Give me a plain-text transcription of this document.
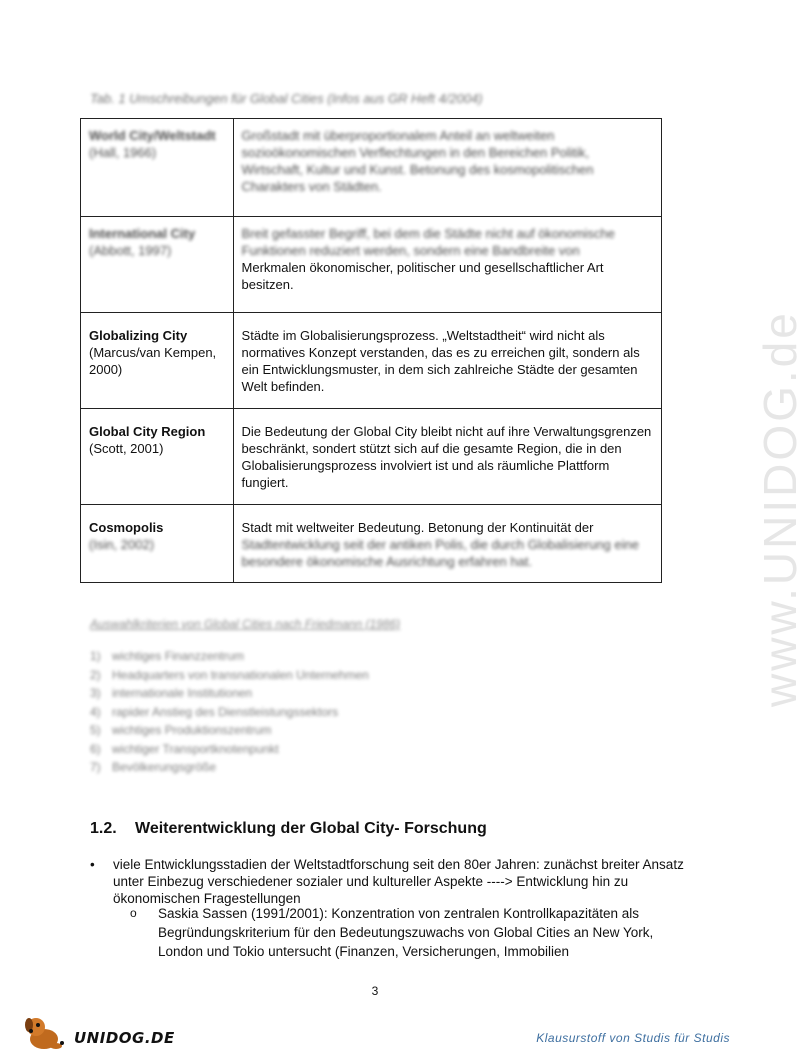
www.UNIDOG.de
Tab. 1 Umschreibungen für Global Cities (Infos aus GR Heft 4/2004)
World City/Weltstadt
(Hall, 1966)	Großstadt mit überproportionalem Anteil an weltweiten sozioökonomischen Verflechtungen in den Bereichen Politik, Wirtschaft, Kultur und Kunst. Betonung des kosmopolitischen Charakters von Städten.

International City
(Abbott, 1997)	Breit gefasster Begriff, bei dem die Städte nicht auf ökonomische Funktionen reduziert werden, sondern eine Bandbreite von
Merkmalen ökonomischer, politischer und gesellschaftlicher Art besitzen.

Globalizing City
(Marcus/van Kempen, 2000)	Städte im Globalisierungsprozess. „Weltstadtheit“ wird nicht als normatives Konzept verstanden, das es zu erreichen gilt, sondern als ein Entwicklungsmuster, in dem sich zahlreiche Städte der gesamten Welt befinden.

Global City Region
(Scott, 2001)	Die Bedeutung der Global City bleibt nicht auf ihre Verwaltungsgrenzen beschränkt, sondert stützt sich auf die gesamte Region, die in den Globalisierungsprozess involviert ist und als räumliche Plattform fungiert.

Cosmopolis
(Isin, 2002)	Stadt mit weltweiter Bedeutung. Betonung der Kontinuität der
Stadtentwicklung seit der antiken Polis, die durch Globalisierung eine besondere ökonomische Ausrichtung erfahren hat.
Auswahlkriterien von Global Cities nach Friedmann (1986)
1) wichtiges Finanzzentrum
2) Headquarters von transnationalen Unternehmen
3) internationale Institutionen
4) rapider Anstieg des Dienstleistungssektors
5) wichtiges Produktionszentrum
6) wichtiger Transportknotenpunkt
7) Bevölkerungsgröße
1.2. Weiterentwicklung der Global City- Forschung
• viele Entwicklungsstadien der Weltstadtforschung seit den 80er Jahren: zunächst breiter Ansatz unter Einbezug verschiedener sozialer und kultureller Aspekte ----> Entwicklung hin zu ökonomischen Fragestellungen
o Saskia Sassen (1991/2001): Konzentration von zentralen Kontrollkapazitäten als Begründungskriterium für den Bedeutungszuwachs von Global Cities an New York, London und Tokio untersucht (Finanzen, Versicherungen, Immobilien
3
UNIDOG.DE	Klausurstoff von Studis für Studis
